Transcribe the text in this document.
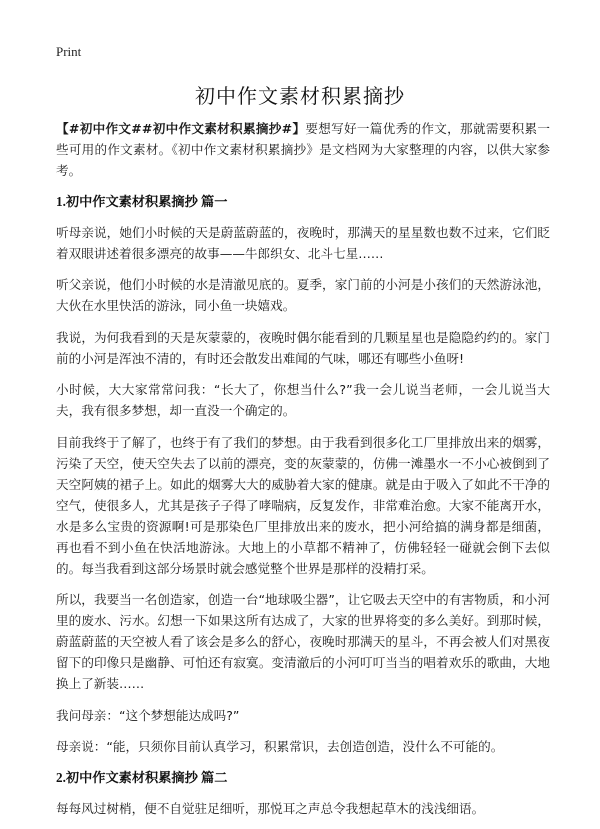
Print
初中作文素材积累摘抄

【#初中作文##初中作文素材积累摘抄#】要想写好一篇优秀的作文，那就需要积累一些可用的作文素材。《初中作文素材积累摘抄》是文档网为大家整理的内容，以供大家参考。

1.初中作文素材积累摘抄 篇一

听母亲说，她们小时候的天是蔚蓝蔚蓝的，夜晚时，那满天的星星数也数不过来，它们眨着双眼讲述着很多漂亮的故事——牛郎织女、北斗七星……

听父亲说，他们小时候的水是清澈见底的。夏季，家门前的小河是小孩们的天然游泳池，大伙在水里快活的游泳，同小鱼一块嬉戏。

我说，为何我看到的天是灰蒙蒙的，夜晚时偶尔能看到的几颗星星也是隐隐约约的。家门前的小河是浑浊不清的，有时还会散发出难闻的气味，哪还有哪些小鱼呀!

小时候，大大家常常问我：“长大了，你想当什么?”我一会儿说当老师，一会儿说当大夫，我有很多梦想，却一直没一个确定的。

目前我终于了解了，也终于有了我们的梦想。由于我看到很多化工厂里排放出来的烟雾，污染了天空，使天空失去了以前的漂亮，变的灰蒙蒙的，仿佛一滩墨水一不小心被倒到了天空阿姨的裙子上。如此的烟雾大大的威胁着大家的健康。就是由于吸入了如此不干净的空气，使很多人，尤其是孩子子得了哮喘病，反复发作，非常难治愈。大家不能离开水，水是多么宝贵的资源啊!可是那染色厂里排放出来的废水，把小河给搞的满身都是细菌，再也看不到小鱼在快活地游泳。大地上的小草都不精神了，仿佛轻轻一碰就会倒下去似的。每当我看到这部分场景时就会感觉整个世界是那样的没精打采。

所以，我要当一名创造家，创造一台“地球吸尘器”，让它吸去天空中的有害物质，和小河里的废水、污水。幻想一下如果这所有达成了，大家的世界将变的多么美好。到那时候，蔚蓝蔚蓝的天空被人看了该会是多么的舒心，夜晚时那满天的星斗，不再会被人们对黑夜留下的印像只是幽静、可怕还有寂寞。变清澈后的小河叮叮当当的唱着欢乐的歌曲，大地换上了新装……

我问母亲：“这个梦想能达成吗?”

母亲说：“能，只须你目前认真学习，积累常识，去创造创造，没什么不可能的。

2.初中作文素材积累摘抄 篇二

每每风过树梢，便不自觉驻足细听，那悦耳之声总令我想起草木的浅浅细语。
